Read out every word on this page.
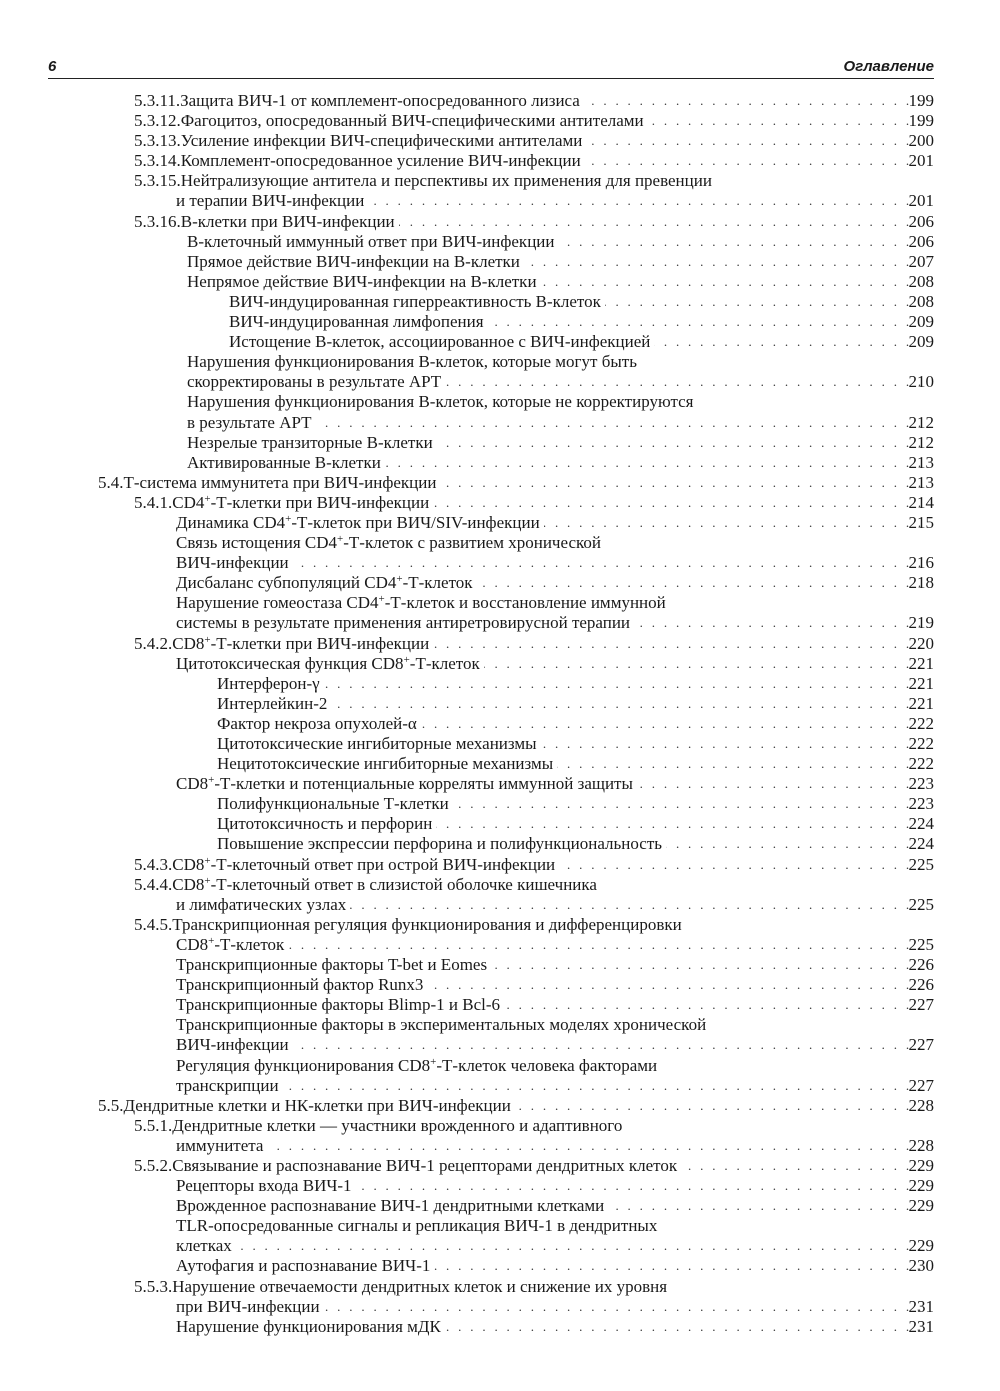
6	Оглавление
5.3.11.Защита ВИЧ-1 от комплемент-опосредованного лизиса . . .	199
5.3.12.Фагоцитоз, опосредованный ВИЧ-специфическими антителами . . .	199
5.3.13.Усиление инфекции ВИЧ-специфическими антителами . . .	200
5.3.14.Комплемент-опосредованное усиление ВИЧ-инфекции . . .	201
5.3.15.Нейтрализующие антитела и перспективы их применения для превенции
и терапии ВИЧ-инфекции . . .	201
5.3.16.В-клетки при ВИЧ-инфекции . . .	206
В-клеточный иммунный ответ при ВИЧ-инфекции . . .	206
Прямое действие ВИЧ-инфекции на В-клетки . . .	207
Непрямое действие ВИЧ-инфекции на В-клетки . . .	208
ВИЧ-индуцированная гиперреактивность В-клеток . . .	208
ВИЧ-индуцированная лимфопения . . .	209
Истощение В-клеток, ассоциированное с ВИЧ-инфекцией . . .	209
Нарушения функционирования В-клеток, которые могут быть
скорректированы в результате АРТ . . .	210
Нарушения функционирования В-клеток, которые не корректируются
в результате АРТ . . .	212
Незрелые транзиторные В-клетки . . .	212
Активированные В-клетки . . .	213
5.4.Т-система иммунитета при ВИЧ-инфекции . . .	213
5.4.1.CD4+-Т-клетки при ВИЧ-инфекции . . .	214
Динамика CD4+-Т-клеток при ВИЧ/SIV-инфекции . . .	215
Связь истощения CD4+-Т-клеток с развитием хронической
ВИЧ-инфекции . . .	216
Дисбаланс субпопуляций CD4+-Т-клеток . . .	218
Нарушение гомеостаза CD4+-Т-клеток и восстановление иммунной
системы в результате применения антиретровирусной терапии . . .	219
5.4.2.CD8+-Т-клетки при ВИЧ-инфекции . . .	220
Цитотоксическая функция CD8+-Т-клеток . . .	221
Интерферон-γ . . .	221
Интерлейкин-2 . . .	221
Фактор некроза опухолей-α . . .	222
Цитотоксические ингибиторные механизмы . . .	222
Нецитотоксические ингибиторные механизмы . . .	222
CD8+-Т-клетки и потенциальные корреляты иммунной защиты . . .	223
Полифункциональные Т-клетки . . .	223
Цитотоксичность и перфорин . . .	224
Повышение экспрессии перфорина и полифункциональность . . .	224
5.4.3.CD8+-Т-клеточный ответ при острой ВИЧ-инфекции . . .	225
5.4.4.CD8+-Т-клеточный ответ в слизистой оболочке кишечника
и лимфатических узлах . . .	225
5.4.5.Транскрипционная регуляция функционирования и дифференцировки
CD8+-Т-клеток . . .	225
Транскрипционные факторы T-bet и Eomes . . .	226
Транскрипционный фактор Runx3 . . .	226
Транскрипционные факторы Blimp-1 и Bcl-6 . . .	227
Транскрипционные факторы в экспериментальных моделях хронической
ВИЧ-инфекции . . .	227
Регуляция функционирования CD8+-Т-клеток человека факторами
транскрипции . . .	227
5.5.Дендритные клетки и НК-клетки при ВИЧ-инфекции . . .	228
5.5.1.Дендритные клетки — участники врожденного и адаптивного
иммунитета . . .	228
5.5.2.Связывание и распознавание ВИЧ-1 рецепторами дендритных клеток . . .	229
Рецепторы входа ВИЧ-1 . . .	229
Врожденное распознавание ВИЧ-1 дендритными клетками . . .	229
TLR-опосредованные сигналы и репликация ВИЧ-1 в дендритных
клетках . . .	229
Аутофагия и распознавание ВИЧ-1 . . .	230
5.5.3.Нарушение отвечаемости дендритных клеток и снижение их уровня
при ВИЧ-инфекции . . .	231
Нарушение функционирования мДК . . .	231
